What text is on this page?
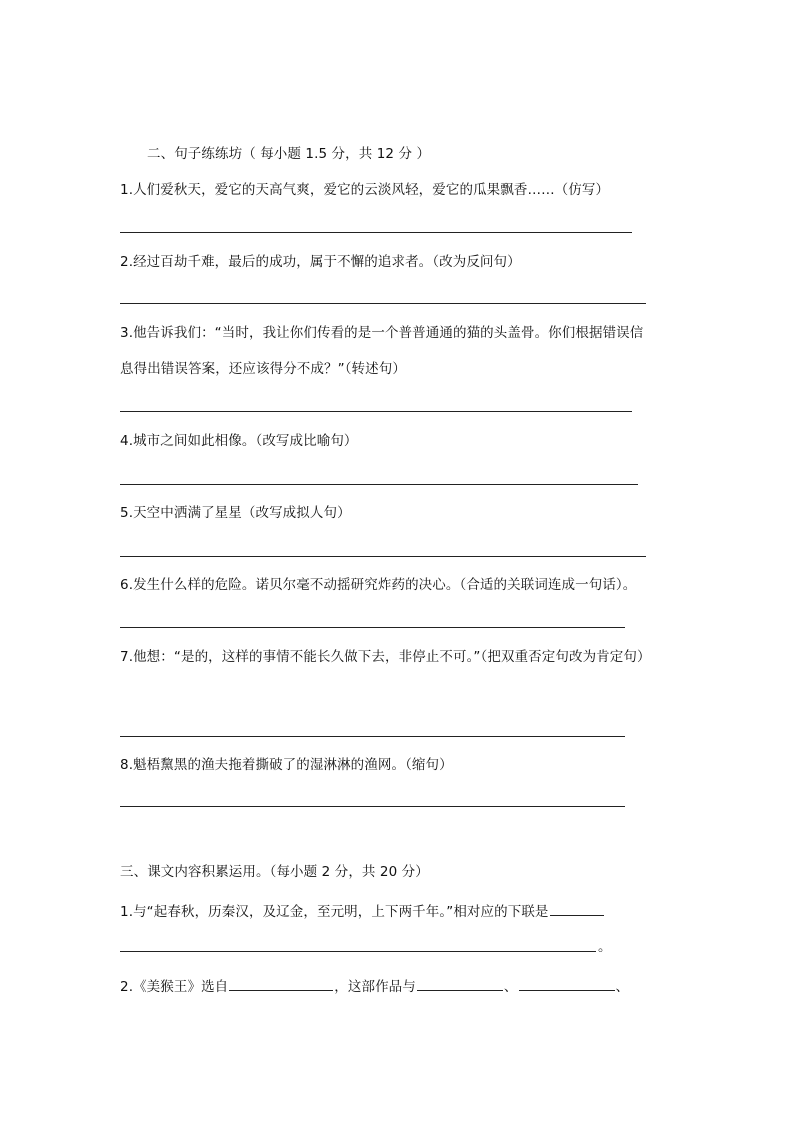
二、句子练练坊（ 每小题 1.5 分，共 12 分 ）
1.人们爱秋天，爱它的天高气爽，爱它的云淡风轻，爱它的瓜果飘香……（仿写）
2.经过百劫千难，最后的成功，属于不懈的追求者。（改为反问句）
3.他告诉我们：“当时，我让你们传看的是一个普普通通的猫的头盖骨。你们根据错误信
息得出错误答案，还应该得分不成？”（转述句）
4.城市之间如此相像。（改写成比喻句）
5.天空中洒满了星星（改写成拟人句）
6.发生什么样的危险。诺贝尔毫不动摇研究炸药的决心。（合适的关联词连成一句话）。
7.他想：“是的，这样的事情不能长久做下去，非停止不可。”（把双重否定句改为肯定句）
8.魁梧黧黑的渔夫拖着撕破了的湿淋淋的渔网。（缩句）
三、课文内容积累运用。（每小题 2 分，共 20 分）
1.与“起春秋，历秦汉，及辽金，至元明，上下两千年。”相对应的下联是
。
2.《美猴王》选自	，这部作品与	、	、
